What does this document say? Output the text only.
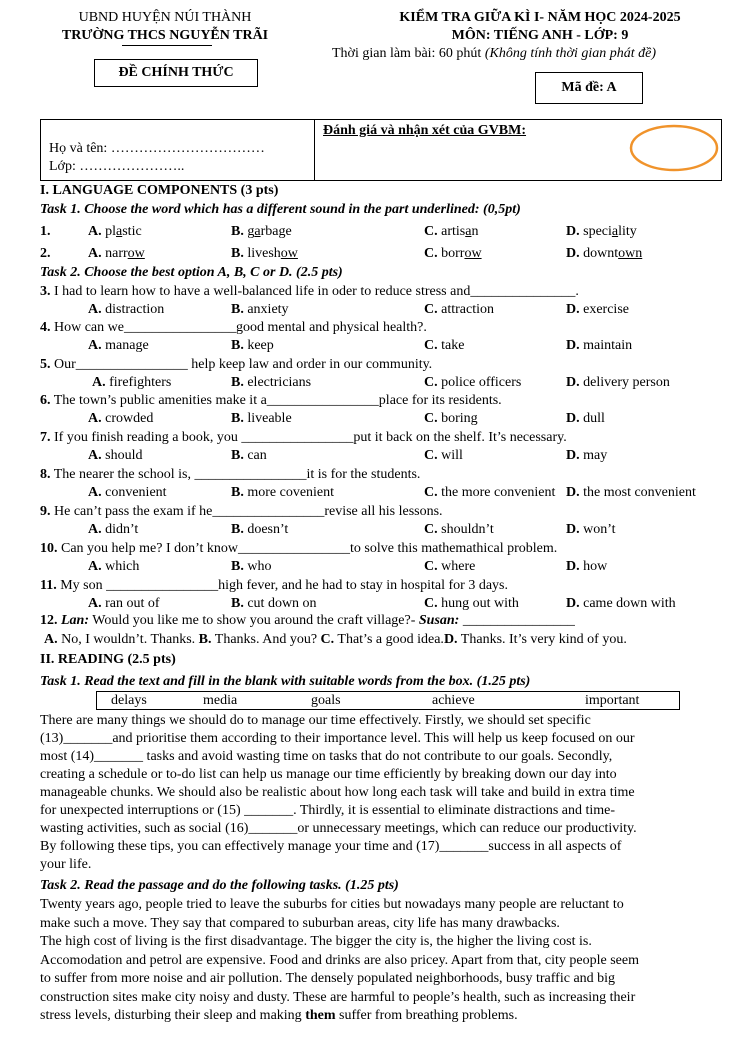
UBND HUYỆN NÚI THÀNH
TRƯỜNG THCS NGUYỄN TRÃI
ĐỀ CHÍNH THỨC
KIỂM TRA GIỮA KÌ I- NĂM HỌC 2024-2025
MÔN: TIẾNG ANH - LỚP: 9
Thời gian làm bài: 60 phút (Không tính thời gian phát đề)
Mã đề: A
Họ và tên: ……………………………
Lớp: …………………..
Đánh giá và nhận xét của GVBM:
I. LANGUAGE COMPONENTS (3 pts)
Task 1. Choose the word which has a different sound in the part underlined: (0,5pt)
1.	A. plastic	B. garbage	C. artisan	D. speciality
2.	A. narrow	B. liveshow	C. borrow	D. downtown
Task 2. Choose the best option A, B, C or D. (2.5 pts)
3. I had to learn how to have a well-balanced life in oder to reduce stress and_______________.
A. distraction	B. anxiety	C. attraction	D. exercise
4. How can we________________good mental and physical health?.
A. manage	B. keep	C. take	D. maintain
5. Our________________ help keep law and order in our community.
A. firefighters	B. electricians	C. police officers	D. delivery person
6. The town’s public amenities make it a________________place for its residents.
A. crowded	B. liveable	C. boring	D. dull
7. If you finish reading a book, you ________________put it back on the shelf. It’s necessary.
A. should	B. can	C. will	D. may
8. The nearer the school is, ________________it is for the students.
A. convenient	B. more covenient	C. the more convenient D. the most convenient
9. He can’t pass the exam if he________________revise all his lessons.
A. didn’t	B. doesn’t	C. shouldn’t	D. won’t
10. Can you help me? I don’t know________________to solve this mathemathical problem.
A. which	B. who	C. where	D. how
11. My son ________________high fever, and he had to stay in hospital for 3 days.
A. ran out of	B. cut down on	C. hung out with	D. came down with
12. Lan: Would you like me to show you around the craft village?- Susan: ________________
A. No, I wouldn’t. Thanks. B. Thanks. And you? C. That’s a good idea.D. Thanks. It’s very kind of you.
II. READING (2.5 pts)
Task 1. Read the text and fill in the blank with suitable words from the box. (1.25 pts)
delays	media	goals	achieve	important
There are many things we should do to manage our time effectively. Firstly, we should set specific
(13)_______and prioritise them according to their importance level. This will help us keep focused on our
most (14)_______ tasks and avoid wasting time on tasks that do not contribute to our goals. Secondly,
creating a schedule or to-do list can help us manage our time efficiently by breaking down our day into
manageable chunks. We should also be realistic about how long each task will take and build in extra time
for unexpected interruptions or (15) _______. Thirdly, it is essential to eliminate distractions and time-
wasting activities, such as social (16)_______or unnecessary meetings, which can reduce our productivity.
By following these tips, you can effectively manage your time and (17)_______success in all aspects of
your life.
Task 2. Read the passage and do the following tasks. (1.25 pts)
Twenty years ago, people tried to leave the suburbs for cities but nowadays many people are reluctant to
make such a move. They say that compared to suburban areas, city life has many drawbacks.
The high cost of living is the first disadvantage. The bigger the city is, the higher the living cost is.
Accomodation and petrol are expensive. Food and drinks are also pricey. Apart from that, city people seem
to suffer from more noise and air pollution. The densely populated neighborhoods, busy traffic and big
construction sites make city noisy and dusty. These are harmful to people’s health, such as increasing their
stress levels, disturbing their sleep and making them suffer from breathing problems.
